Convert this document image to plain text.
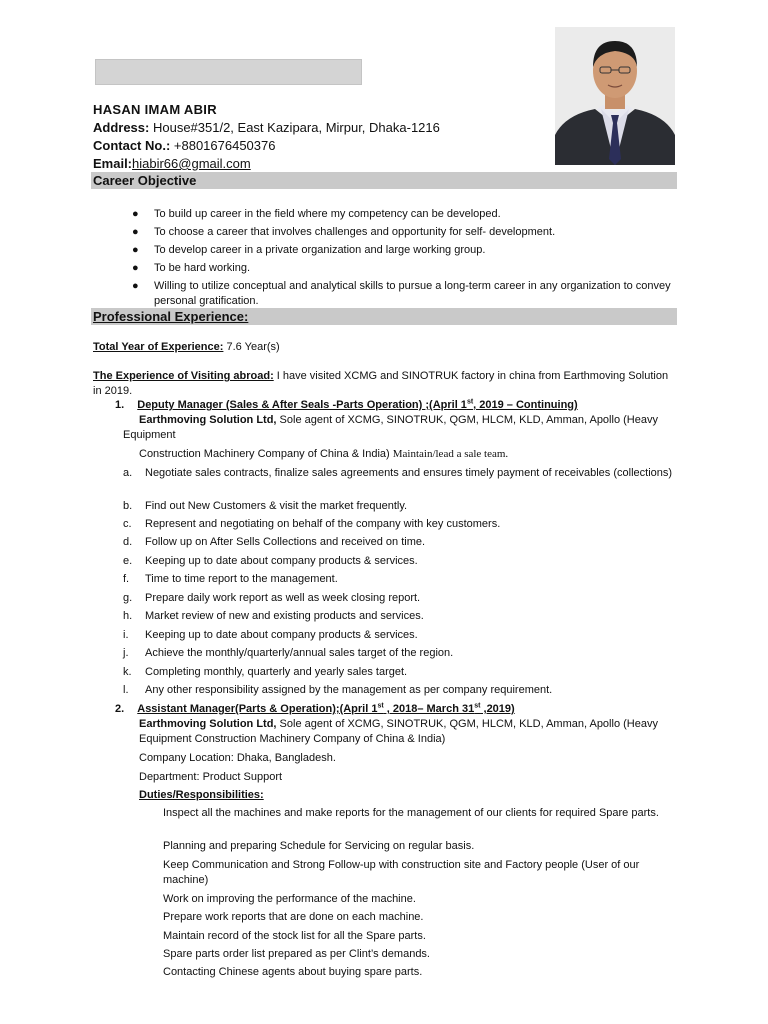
HASAN IMAM ABIR
Address: House#351/2, East Kazipara, Mirpur, Dhaka-1216
Contact No.: +8801676450376
Email:hiabir66@gmail.com
Career Objective
● To build up career in the field where my competency can be developed.
● To choose a career that involves challenges and opportunity for self- development.
● To develop career in a private organization and large working group.
● To be hard working.
● Willing to utilize conceptual and analytical skills to pursue a long-term career in any organization to convey personal gratification.
Professional Experience:
Total Year of Experience: 7.6 Year(s)
The Experience of Visiting abroad: I have visited XCMG and SINOTRUK factory in china from Earthmoving Solution in 2019.
1. Deputy Manager (Sales & After Seals -Parts Operation) ;(April 1st, 2019 – Continuing)
Earthmoving Solution Ltd, Sole agent of XCMG, SINOTRUK, QGM, HLCM, KLD, Amman, Apollo (Heavy
Equipment
Construction Machinery Company of China & India) Maintain/lead a sale team.
a. Negotiate sales contracts, finalize sales agreements and ensures timely payment of receivables (collections)
b. Find out New Customers & visit the market frequently.
c. Represent and negotiating on behalf of the company with key customers.
d. Follow up on After Sells Collections and received on time.
e. Keeping up to date about company products & services.
f. Time to time report to the management.
g. Prepare daily work report as well as week closing report.
h. Market review of new and existing products and services.
i. Keeping up to date about company products & services.
j. Achieve the monthly/quarterly/annual sales target of the region.
k. Completing monthly, quarterly and yearly sales target.
l. Any other responsibility assigned by the management as per company requirement.
2. Assistant Manager(Parts & Operation);(April 1st , 2018– March 31st ,2019)
Earthmoving Solution Ltd, Sole agent of XCMG, SINOTRUK, QGM, HLCM, KLD, Amman, Apollo (Heavy Equipment Construction Machinery Company of China & India)
Company Location: Dhaka, Bangladesh.
Department: Product Support
Duties/Responsibilities:
Inspect all the machines and make reports for the management of our clients for required Spare parts.
Planning and preparing Schedule for Servicing on regular basis.
Keep Communication and Strong Follow-up with construction site and Factory people (User of our machine)
Work on improving the performance of the machine.
Prepare work reports that are done on each machine.
Maintain record of the stock list for all the Spare parts.
Spare parts order list prepared as per Clint’s demands.
Contacting Chinese agents about buying spare parts.
